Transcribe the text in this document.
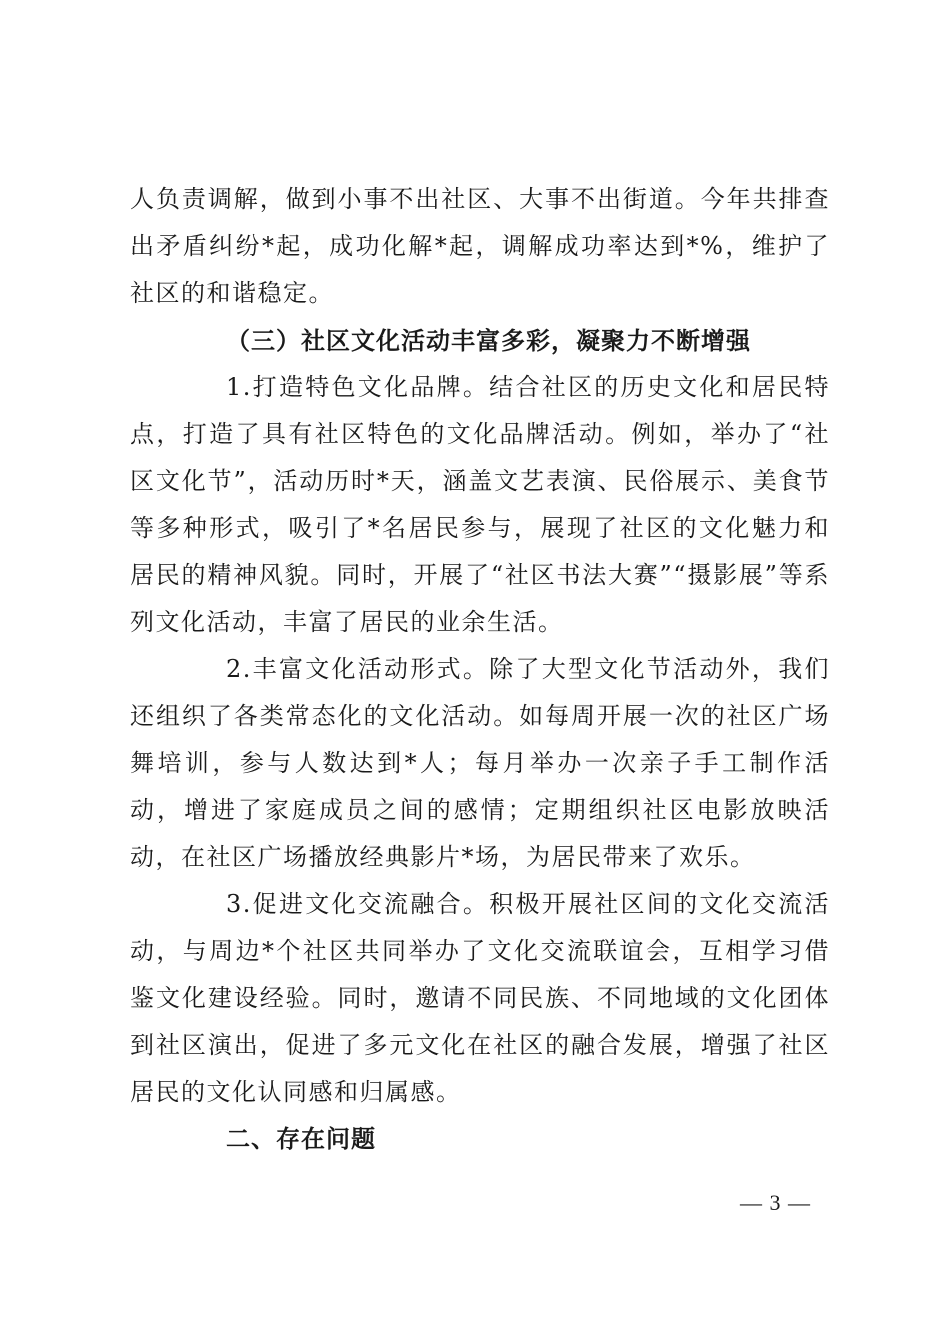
人负责调解，做到小事不出社区、大事不出街道。今年共排查出矛盾纠纷*起，成功化解*起，调解成功率达到*%，维护了社区的和谐稳定。

（三）社区文化活动丰富多彩，凝聚力不断增强

1.打造特色文化品牌。结合社区的历史文化和居民特点，打造了具有社区特色的文化品牌活动。例如，举办了“社区文化节”，活动历时*天，涵盖文艺表演、民俗展示、美食节等多种形式，吸引了*名居民参与，展现了社区的文化魅力和居民的精神风貌。同时，开展了“社区书法大赛”“摄影展”等系列文化活动，丰富了居民的业余生活。

2.丰富文化活动形式。除了大型文化节活动外，我们还组织了各类常态化的文化活动。如每周开展一次的社区广场舞培训，参与人数达到*人；每月举办一次亲子手工制作活动，增进了家庭成员之间的感情；定期组织社区电影放映活动，在社区广场播放经典影片*场，为居民带来了欢乐。

3.促进文化交流融合。积极开展社区间的文化交流活动，与周边*个社区共同举办了文化交流联谊会，互相学习借鉴文化建设经验。同时，邀请不同民族、不同地域的文化团体到社区演出，促进了多元文化在社区的融合发展，增强了社区居民的文化认同感和归属感。

二、存在问题

— 3 —
